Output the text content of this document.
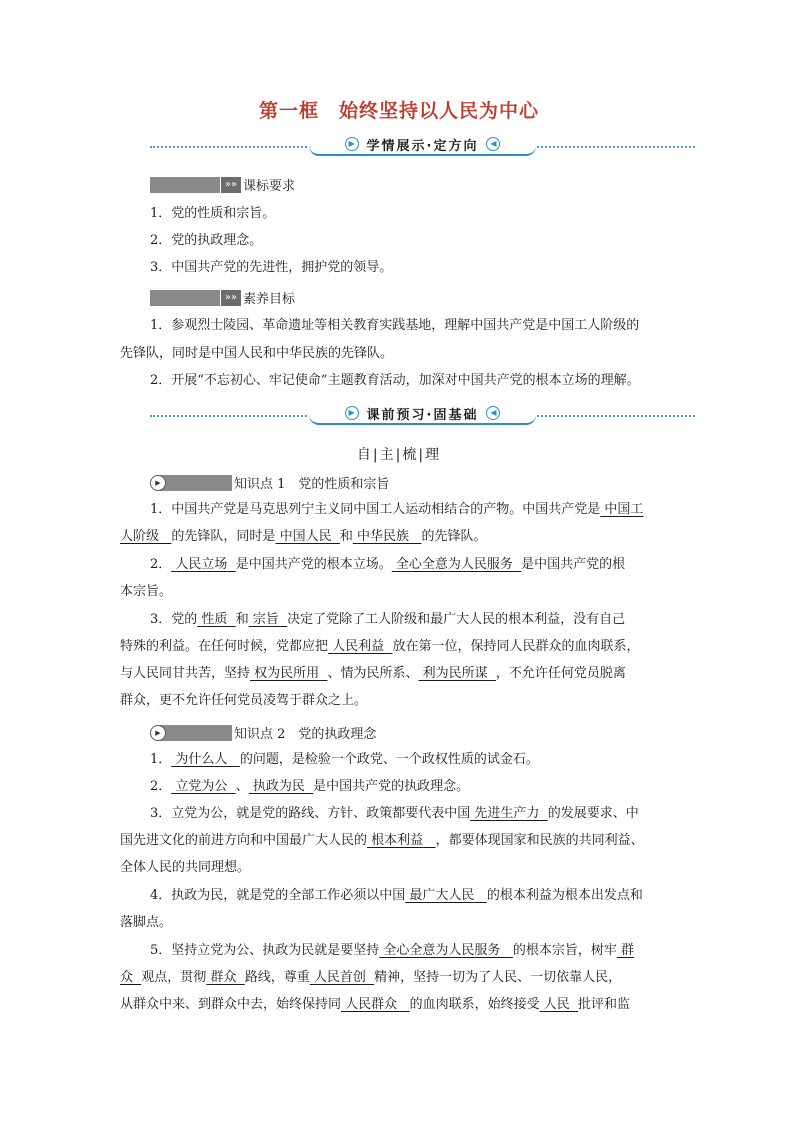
第一框　始终坚持以人民为中心
▶ 学情展示·定方向	◀
»» 课标要求
1．党的性质和宗旨。
2．党的执政理念。
3．中国共产党的先进性，拥护党的领导。
»» 素养目标
1．参观烈士陵园、革命遗址等相关教育实践基地，理解中国共产党是中国工人阶级的
先锋队，同时是中国人民和中华民族的先锋队。
2．开展“不忘初心、牢记使命”主题教育活动，加深对中国共产党的根本立场的理解。
▶ 课前预习·固基础	◀
自|主|梳|理
▶	知识点 1　党的性质和宗旨
1．中国共产党是马克思列宁主义同中国工人运动相结合的产物。中国共产党是 中国工
人阶级 的先锋队，同时是 中国人民 和 中华民族 的先锋队。
2． 人民立场 是中国共产党的根本立场。 全心全意为人民服务 是中国共产党的根
本宗旨。
3．党的 性质 和 宗旨 决定了党除了工人阶级和最广大人民的根本利益，没有自己
特殊的利益。在任何时候，党都应把 人民利益 放在第一位，保持同人民群众的血肉联系，
与人民同甘共苦，坚持 权为民所用 、情为民所系、 利为民所谋 ，不允许任何党员脱离
群众，更不允许任何党员凌驾于群众之上。
▶	知识点 2　党的执政理念
1． 为什么人 的问题，是检验一个政党、一个政权性质的试金石。
2． 立党为公 、 执政为民 是中国共产党的执政理念。
3．立党为公，就是党的路线、方针、政策都要代表中国 先进生产力 的发展要求、中
国先进文化的前进方向和中国最广大人民的 根本利益 ，都要体现国家和民族的共同利益、
全体人民的共同理想。
4．执政为民，就是党的全部工作必须以中国 最广大人民 的根本利益为根本出发点和
落脚点。
5．坚持立党为公、执政为民就是要坚持 全心全意为人民服务 的根本宗旨，树牢 群
众 观点，贯彻 群众 路线，尊重 人民首创 精神，坚持一切为了人民、一切依靠人民，
从群众中来、到群众中去，始终保持同 人民群众 的血肉联系，始终接受 人民 批评和监
